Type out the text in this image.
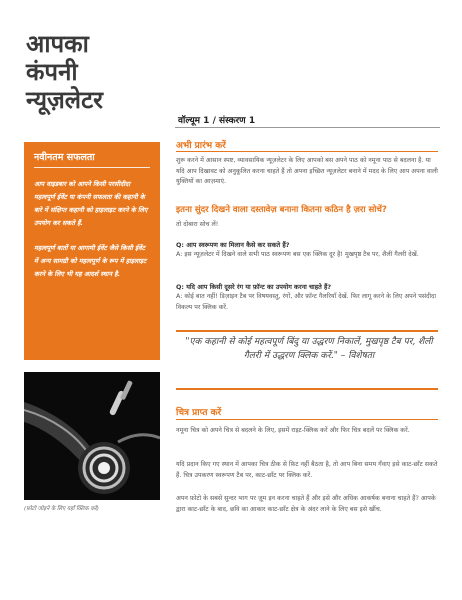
आपका
कंपनी
न्यूज़लेटर
वॉल्यूम 1 / संस्करण 1
नवीनतम सफलता

आप वाइडबार को आपने किसी परसीदीदा महत्वपूर्ण ईवेंट या कंपनी सफलता की कहानी के बारे में संक्षिप्त कहानी को हाइलाइट करने के लिए उपयोग कर सकते हैं.

महत्वपूर्ण बातों या आगामी ईवेंट जैसे किसी ईवेंट में अन्य सामग्री को महत्वपूर्ण के रूप में हाइलाइट करने के लिए भी यह आदर्श स्थान है.

(फ़ोटो जोड़ने के लिए यहाँ क्लिक करें)
अभी प्रारंभ करें
शुरू करने में आसान स्पष्ट, व्यावसायिक न्यूज़लेटर के लिए आपको बस अपने पाठ को नमूना पाठ से बदलना है. या यदि आप दिखावट को अनुकूलित करना चाहते हैं तो अपना इच्छित न्यूज़लेटर बनाने में मदद के लिए आप अपना वाली युक्तियों का आज़माएं.
इतना सुंदर दिखने वाला दस्तावेज़ बनाना कितना कठिन है ज़रा सोचें?
तो दोबारा सोच लें!
Q: आप स्वरूपण का मिलान कैसे कर सकते हैं?
A: इस न्यूज़लेटर में दिखने वाले सभी पाठ स्वरूपण बस एक क्लिक दूर है! मुखपृष्ठ टैब पर, शैली गैलरी देखें.
Q: यदि आप किसी दूसरे रंग या फ़ॉन्ट का उपयोग करना चाहते हैं?
A: कोई बात नहीं! डिज़ाइन टैब पर विषयवस्तु, रंगों, और फ़ॉन्ट गैलरियाँ देखें. फिर लागू करने के लिए अपने पसंदीदा विकल्प पर क्लिक करें.
"एक कहानी से कोई महत्वपूर्ण बिंदु या उद्धरण निकालें, मुखपृष्ठ टैब पर, शैली गैलरी में उद्धरण क्लिक करें." – विशेषता
चित्र प्राप्त करें
नमूना चित्र को अपने चित्र से बदलने के लिए, इसमें राइट-क्लिक करें और फिर चित्र बदलें पर क्लिक करें.
यदि प्रदान किए गए स्थान में आपका चित्र ठीक से फ़िट नहीं बैठता है, तो आप बिना समय गँवाए इसे काट-छाँट सकते हैं. चित्र उपकरण स्वरूपण टैब पर, काट-छाँट पर क्लिक करें.
अपन फ़ोटो के सबसे सुन्दर भाग पर ज़ूम इन करना चाहते हैं और इसे और अधिक आकर्षक बनाना चाहते हैं? आपके द्वारा काट-छाँट के बाद, छवि का आकार काट-छाँट क्षेत्र के अंदर लाने के लिए बस इसे खींच.
